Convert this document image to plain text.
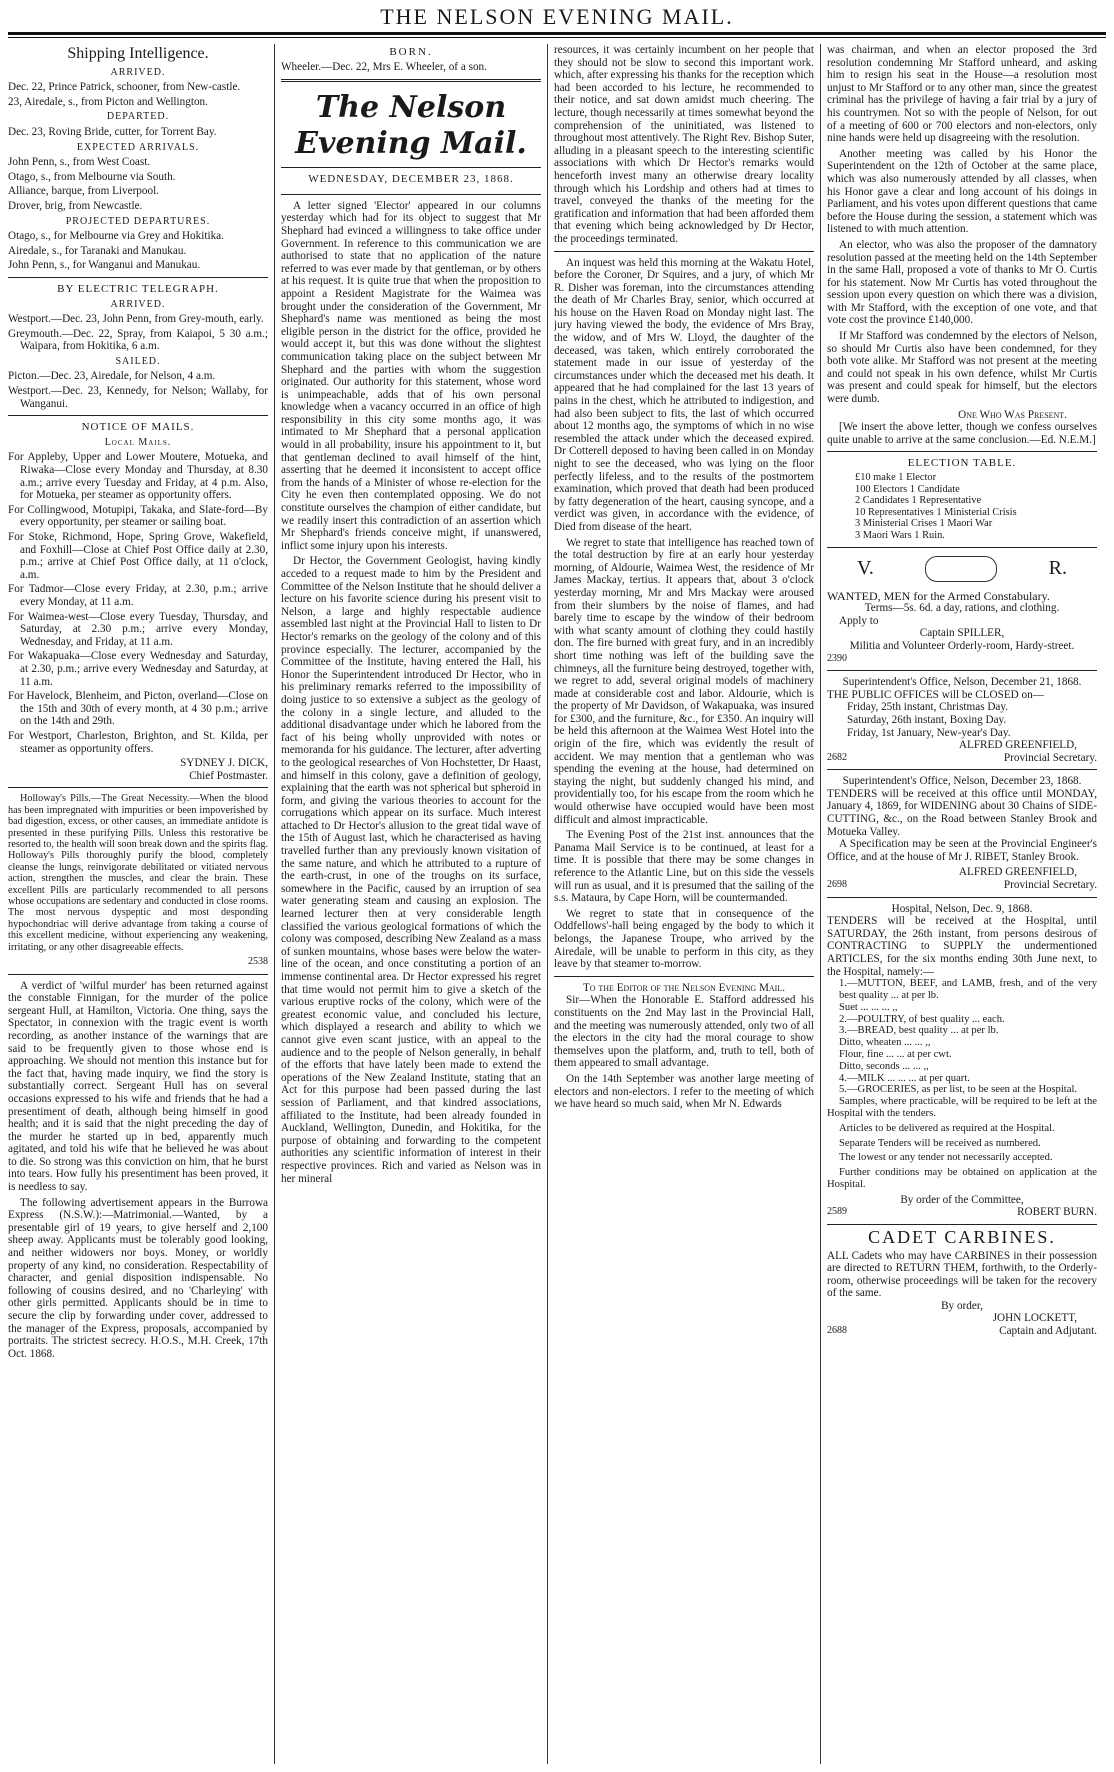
THE NELSON EVENING MAIL.
Shipping Intelligence.
ARRIVED.
Dec. 22, Prince Patrick, schooner, from New-castle.
23, Airedale, s., from Picton and Wellington.
DEPARTED.
Dec. 23, Roving Bride, cutter, for Torrent Bay.
EXPECTED ARRIVALS.
John Penn, s., from West Coast.
Otago, s., from Melbourne via South.
Alliance, barque, from Liverpool.
Drover, brig, from Newcastle.
PROJECTED DEPARTURES.
Otago, s., for Melbourne via Grey and Hokitika.
Airedale, s., for Taranaki and Manukau.
John Penn, s., for Wanganui and Manukau.
BY ELECTRIC TELEGRAPH.
ARRIVED.
Westport.—Dec. 23, John Penn, from Grey-mouth, early.
Greymouth.—Dec. 22, Spray, from Kaiapoi, 5 30 a.m.; Waipara, from Hokitika, 6 a.m.
SAILED.
Picton.—Dec. 23, Airedale, for Nelson, 4 a.m.
Westport.—Dec. 23, Kennedy, for Nelson; Wallaby, for Wanganui.
NOTICE OF MAILS.
Local Mails.
For Appleby, Upper and Lower Moutere, Motueka, and Riwaka—Close every Monday and Thursday, at 8.30 a.m.; arrive every Tuesday and Friday, at 4 p.m. Also, for Motueka, per steamer as opportunity offers.
For Collingwood, Motupipi, Takaka, and Slate-ford—By every opportunity, per steamer or sailing boat.
For Stoke, Richmond, Hope, Spring Grove, Wakefield, and Foxhill—Close at Chief Post Office daily at 2.30, p.m.; arrive at Chief Post Office daily, at 11 o'clock, a.m.
For Tadmor—Close every Friday, at 2.30, p.m.; arrive every Monday, at 11 a.m.
For Waimea-west—Close every Tuesday, Thursday, and Saturday, at 2.30 p.m.; arrive every Monday, Wednesday, and Friday, at 11 a.m.
For Wakapuaka—Close every Wednesday and Saturday, at 2.30, p.m.; arrive every Wednesday and Saturday, at 11 a.m.
For Havelock, Blenheim, and Picton, overland—Close on the 15th and 30th of every month, at 4 30 p.m.; arrive on the 14th and 29th.
For Westport, Charleston, Brighton, and St. Kilda, per steamer as opportunity offers.
SYDNEY J. DICK,
Chief Postmaster.

Holloway's Pills.—The Great Necessity.—When the blood has been impregnated with impurities or been impoverished by bad digestion, excess, or other causes, an immediate antidote is presented in these purifying Pills. Unless this restorative be resorted to, the health will soon break down and the spirits flag. Holloway's Pills thoroughly purify the blood, completely cleanse the lungs, reinvigorate debilitated or vitiated nervous action, strengthen the muscles, and clear the brain. These excellent Pills are particularly recommended to all persons whose occupations are sedentary and conducted in close rooms. The most nervous dyspeptic and most desponding hypochondriac will derive advantage from taking a course of this excellent medicine, without experiencing any weakening, irritating, or any other disagreeable effects.

2538

A verdict of 'wilful murder' has been returned against the constable Finnigan, for the murder of the police sergeant Hull, at Hamilton, Victoria. One thing, says the Spectator, in connexion with the tragic event is worth recording, as another instance of the warnings that are said to be frequently given to those whose end is approaching. We should not mention this instance but for the fact that, having made inquiry, we find the story is substantially correct. Sergeant Hull has on several occasions expressed to his wife and friends that he had a presentiment of death, although being himself in good health; and it is said that the night preceding the day of the murder he started up in bed, apparently much agitated, and told his wife that he believed he was about to die. So strong was this conviction on him, that he burst into tears. How fully his presentiment has been proved, it is needless to say.

The following advertisement appears in the Burrowa Express (N.S.W.):—Matrimonial.—Wanted, by a presentable girl of 19 years, to give herself and 2,100 sheep away. Applicants must be tolerably good looking, and neither widowers nor boys. Money, or worldly property of any kind, no consideration. Respectability of character, and genial disposition indispensable. No following of cousins desired, and no 'Charleying' with other girls permitted. Applicants should be in time to secure the clip by forwarding under cover, addressed to the manager of the Express, proposals, accompanied by portraits. The strictest secrecy. H.O.S., M.H. Creek, 17th Oct. 1868.

BORN.
Wheeler.—Dec. 22, Mrs E. Wheeler, of a son.
The Nelson Evening Mail.
WEDNESDAY, DECEMBER 23, 1868.

A letter signed 'Elector' appeared in our columns yesterday which had for its object to suggest that Mr Shephard had evinced a willingness to take office under Government. In reference to this communication we are authorised to state that no application of the nature referred to was ever made by that gentleman, or by others at his request. It is quite true that when the proposition to appoint a Resident Magistrate for the Waimea was brought under the consideration of the Government, Mr Shephard's name was mentioned as being the most eligible person in the district for the office, provided he would accept it, but this was done without the slightest communication taking place on the subject between Mr Shephard and the parties with whom the suggestion originated. Our authority for this statement, whose word is unimpeachable, adds that of his own personal knowledge when a vacancy occurred in an office of high responsibility in this city some months ago, it was intimated to Mr Shephard that a personal application would in all probability, insure his appointment to it, but that gentleman declined to avail himself of the hint, asserting that he deemed it inconsistent to accept office from the hands of a Minister of whose re-election for the City he even then contemplated opposing. We do not constitute ourselves the champion of either candidate, but we readily insert this contradiction of an assertion which Mr Shephard's friends conceive might, if unanswered, inflict some injury upon his interests.

Dr Hector, the Government Geologist, having kindly acceded to a request made to him by the President and Committee of the Nelson Institute that he should deliver a lecture on his favorite science during his present visit to Nelson, a large and highly respectable audience assembled last night at the Provincial Hall to listen to Dr Hector's remarks on the geology of the colony and of this province especially. The lecturer, accompanied by the Committee of the Institute, having entered the Hall, his Honor the Superintendent introduced Dr Hector, who in his preliminary remarks referred to the impossibility of doing justice to so extensive a subject as the geology of the colony in a single lecture, and alluded to the additional disadvantage under which he labored from the fact of his being wholly unprovided with notes or memoranda for his guidance. The lecturer, after adverting to the geological researches of Von Hochstetter, Dr Haast, and himself in this colony, gave a definition of geology, explaining that the earth was not spherical but spheroid in form, and giving the various theories to account for the corrugations which appear on its surface. Much interest attached to Dr Hector's allusion to the great tidal wave of the 15th of August last, which he characterised as having travelled further than any previously known visitation of the same nature, and which he attributed to a rupture of the earth-crust, in one of the troughs on its surface, somewhere in the Pacific, caused by an irruption of sea water generating steam and causing an explosion. The learned lecturer then at very considerable length classified the various geological formations of which the colony was composed, describing New Zealand as a mass of sunken mountains, whose bases were below the water-line of the ocean, and once constituting a portion of an immense continental area. Dr Hector expressed his regret that time would not permit him to give a sketch of the various eruptive rocks of the colony, which were of the greatest economic value, and concluded his lecture, which displayed a research and ability to which we cannot give even scant justice, with an appeal to the audience and to the people of Nelson generally, in behalf of the efforts that have lately been made to extend the operations of the New Zealand Institute, stating that an Act for this purpose had been passed during the last session of Parliament, and that kindred associations, affiliated to the Institute, had been already founded in Auckland, Wellington, Dunedin, and Hokitika, for the purpose of obtaining and forwarding to the competent authorities any scientific information of interest in their respective provinces. Rich and varied as Nelson was in her mineral

resources, it was certainly incumbent on her people that they should not be slow to second this important work. which, after expressing his thanks for the reception which had been accorded to his lecture, he recommended to their notice, and sat down amidst much cheering. The lecture, though necessarily at times somewhat beyond the comprehension of the uninitiated, was listened to throughout most attentively. The Right Rev. Bishop Suter, alluding in a pleasant speech to the interesting scientific associations with which Dr Hector's remarks would henceforth invest many an otherwise dreary locality through which his Lordship and others had at times to travel, conveyed the thanks of the meeting for the gratification and information that had been afforded them that evening which being acknowledged by Dr Hector, the proceedings terminated.

An inquest was held this morning at the Wakatu Hotel, before the Coroner, Dr Squires, and a jury, of which Mr R. Disher was foreman, into the circumstances attending the death of Mr Charles Bray, senior, which occurred at his house on the Haven Road on Monday night last. The jury having viewed the body, the evidence of Mrs Bray, the widow, and of Mrs W. Lloyd, the daughter of the deceased, was taken, which entirely corroborated the statement made in our issue of yesterday of the circumstances under which the deceased met his death. It appeared that he had complained for the last 13 years of pains in the chest, which he attributed to indigestion, and had also been subject to fits, the last of which occurred about 12 months ago, the symptoms of which in no wise resembled the attack under which the deceased expired. Dr Cotterell deposed to having been called in on Monday night to see the deceased, who was lying on the floor perfectly lifeless, and to the results of the postmortem examination, which proved that death had been produced by fatty degeneration of the heart, causing syncope, and a verdict was given, in accordance with the evidence, of Died from disease of the heart.

We regret to state that intelligence has reached town of the total destruction by fire at an early hour yesterday morning, of Aldourie, Waimea West, the residence of Mr James Mackay, tertius. It appears that, about 3 o'clock yesterday morning, Mr and Mrs Mackay were aroused from their slumbers by the noise of flames, and had barely time to escape by the window of their bedroom with what scanty amount of clothing they could hastily don. The fire burned with great fury, and in an incredibly short time nothing was left of the building save the chimneys, all the furniture being destroyed, together with, we regret to add, several original models of machinery made at considerable cost and labor. Aldourie, which is the property of Mr Davidson, of Wakapuaka, was insured for £300, and the furniture, &c., for £350. An inquiry will be held this afternoon at the Waimea West Hotel into the origin of the fire, which was evidently the result of accident. We may mention that a gentleman who was spending the evening at the house, had determined on staying the night, but suddenly changed his mind, and providentially too, for his escape from the room which he would otherwise have occupied would have been most difficult and almost impracticable.

The Evening Post of the 21st inst. announces that the Panama Mail Service is to be continued, at least for a time. It is possible that there may be some changes in reference to the Atlantic Line, but on this side the vessels will run as usual, and it is presumed that the sailing of the s.s. Mataura, by Cape Horn, will be countermanded.

We regret to state that in consequence of the Oddfellows'-hall being engaged by the body to which it belongs, the Japanese Troupe, who arrived by the Airedale, will be unable to perform in this city, as they leave by that steamer to-morrow.

To the Editor of the Nelson Evening Mail.

Sir—When the Honorable E. Stafford addressed his constituents on the 2nd May last in the Provincial Hall, and the meeting was numerously attended, only two of all the electors in the city had the moral courage to show themselves upon the platform, and, truth to tell, both of them appeared to small advantage.

On the 14th September was another large meeting of electors and non-electors. I refer to the meeting of which we have heard so much said, when Mr N. Edwards

was chairman, and when an elector proposed the 3rd resolution condemning Mr Stafford unheard, and asking him to resign his seat in the House—a resolution most unjust to Mr Stafford or to any other man, since the greatest criminal has the privilege of having a fair trial by a jury of his countrymen. Not so with the people of Nelson, for out of a meeting of 600 or 700 electors and non-electors, only nine hands were held up disagreeing with the resolution.

Another meeting was called by his Honor the Superintendent on the 12th of October at the same place, which was also numerously attended by all classes, when his Honor gave a clear and long account of his doings in Parliament, and his votes upon different questions that came before the House during the session, a statement which was listened to with much attention.

An elector, who was also the proposer of the damnatory resolution passed at the meeting held on the 14th September in the same Hall, proposed a vote of thanks to Mr O. Curtis for his statement. Now Mr Curtis has voted throughout the session upon every question on which there was a division, with Mr Stafford, with the exception of one vote, and that vote cost the province £140,000.

If Mr Stafford was condemned by the electors of Nelson, so should Mr Curtis also have been condemned, for they both vote alike. Mr Stafford was not present at the meeting and could not speak in his own defence, whilst Mr Curtis was present and could speak for himself, but the electors were dumb.

One Who Was Present.

[We insert the above letter, though we confess ourselves quite unable to arrive at the same conclusion.—Ed. N.E.M.]

ELECTION TABLE.
£10 make 1 Elector
100 Electors 1 Candidate
2 Candidates 1 Representative
10 Representatives 1 Ministerial Crisis
3 Ministerial Crises 1 Maori War
3 Maori Wars 1 Ruin.
V.	R.
WANTED, MEN for the Armed Constabulary.
Terms—5s. 6d. a day, rations, and clothing.
Apply to
Captain SPILLER,
Militia and Volunteer Orderly-room, Hardy-street.
2390
Superintendent's Office, Nelson, December 21, 1868.
THE PUBLIC OFFICES will be CLOSED on—
Friday, 25th instant, Christmas Day.
Saturday, 26th instant, Boxing Day.
Friday, 1st January, New-year's Day.
ALFRED GREENFIELD,
2682	Provincial Secretary.
Superintendent's Office, Nelson, December 23, 1868.
TENDERS will be received at this office until MONDAY, January 4, 1869, for WIDENING about 30 Chains of SIDE-CUTTING, &c., on the Road between Stanley Brook and Motueka Valley.

A Specification may be seen at the Provincial Engineer's Office, and at the house of Mr J. RIBET, Stanley Brook.

ALFRED GREENFIELD,
2698	Provincial Secretary.
Hospital, Nelson, Dec. 9, 1868.
TENDERS will be received at the Hospital, until SATURDAY, the 26th instant, from persons desirous of CONTRACTING to SUPPLY the undermentioned ARTICLES, for the six months ending 30th June next, to the Hospital, namely:—
1.—MUTTON, BEEF, and LAMB, fresh, and of the very best quality ... at per lb.
Suet ... ... ... ,,
2.—POULTRY, of best quality ... each.
3.—BREAD, best quality ... at per lb.
Ditto, wheaten ... ... ,,
Flour, fine ... ... at per cwt.
Ditto, seconds ... ... ,,
4.—MILK ... ... ... at per quart.
5.—GROCERIES, as per list, to be seen at the Hospital.

Samples, where practicable, will be required to be left at the Hospital with the tenders.

Articles to be delivered as required at the Hospital.

Separate Tenders will be received as numbered.

The lowest or any tender not necessarily accepted.

Further conditions may be obtained on application at the Hospital.

By order of the Committee,
2589	ROBERT BURN.
CADET CARBINES.
ALL Cadets who may have CARBINES in their possession are directed to RETURN THEM, forthwith, to the Orderly-room, otherwise proceedings will be taken for the recovery of the same.
By order,
JOHN LOCKETT,
2688	Captain and Adjutant.
